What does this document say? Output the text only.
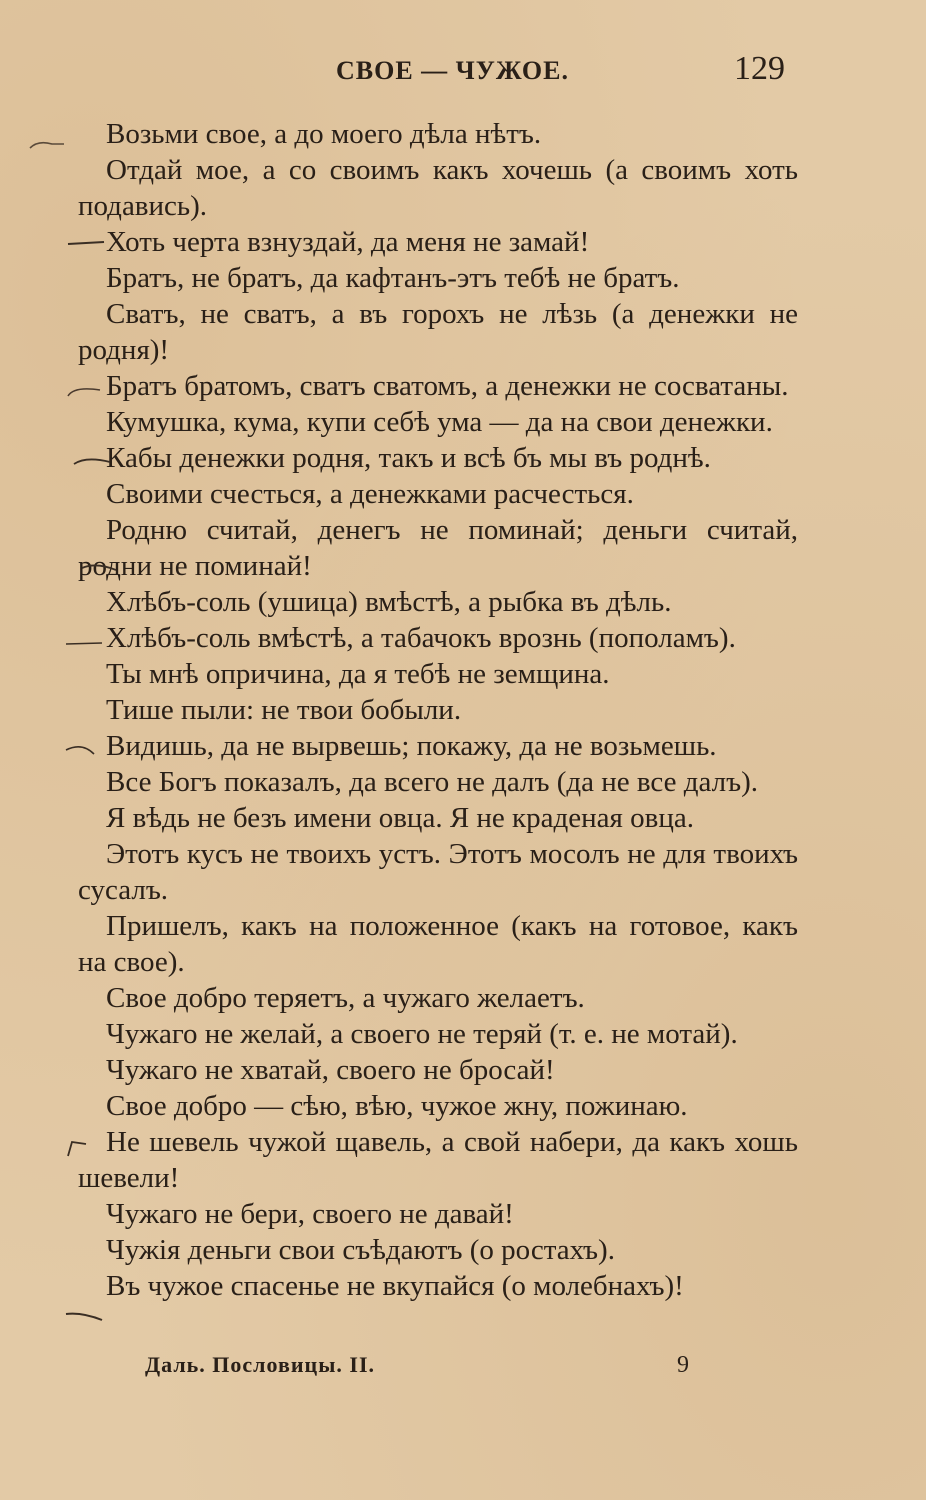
СВОЕ — ЧУЖОЕ.	129

Возьми свое, а до моего дѣла нѣтъ.

Отдай мое, а со своимъ какъ хочешь (а своимъ хоть подавись).

Хоть черта взнуздай, да меня не замай!

Братъ, не братъ, да кафтанъ-этъ тебѣ не братъ.

Сватъ, не сватъ, а въ горохъ не лѣзь (а денежки не родня)!

Братъ братомъ, сватъ сватомъ, а денежки не сосватаны.

Кумушка, кума, купи себѣ ума — да на свои денежки.

Кабы денежки родня, такъ и всѣ бъ мы въ роднѣ.

Своими счесться, а денежками расчесться.

Родню считай, денегъ не поминай; деньги считай, родни не поминай!

Хлѣбъ-соль (ушица) вмѣстѣ, а рыбка въ дѣль.

Хлѣбъ-соль вмѣстѣ, а табачокъ врознь (пополамъ).

Ты мнѣ опричина, да я тебѣ не земщина.

Тише пыли: не твои бобыли.

Видишь, да не вырвешь; покажу, да не возьмешь.

Все Богъ показалъ, да всего не далъ (да не все далъ).

Я вѣдь не безъ имени овца. Я не краденая овца.

Этотъ кусъ не твоихъ устъ. Этотъ мосолъ не для твоихъ сусалъ.

Пришелъ, какъ на положенное (какъ на готовое, какъ на свое).

Свое добро теряетъ, а чужаго желаетъ.

Чужаго не желай, а своего не теряй (т. е. не мотай).

Чужаго не хватай, своего не бросай!

Свое добро — сѣю, вѣю, чужое жну, пожинаю.

Не шевель чужой щавель, а свой набери, да какъ хошь шевели!

Чужаго не бери, своего не давай!

Чужія деньги свои съѣдаютъ (о ростахъ).

Въ чужое спасенье не вкупайся (о молебнахъ)!

Даль. Пословицы. II.	9
